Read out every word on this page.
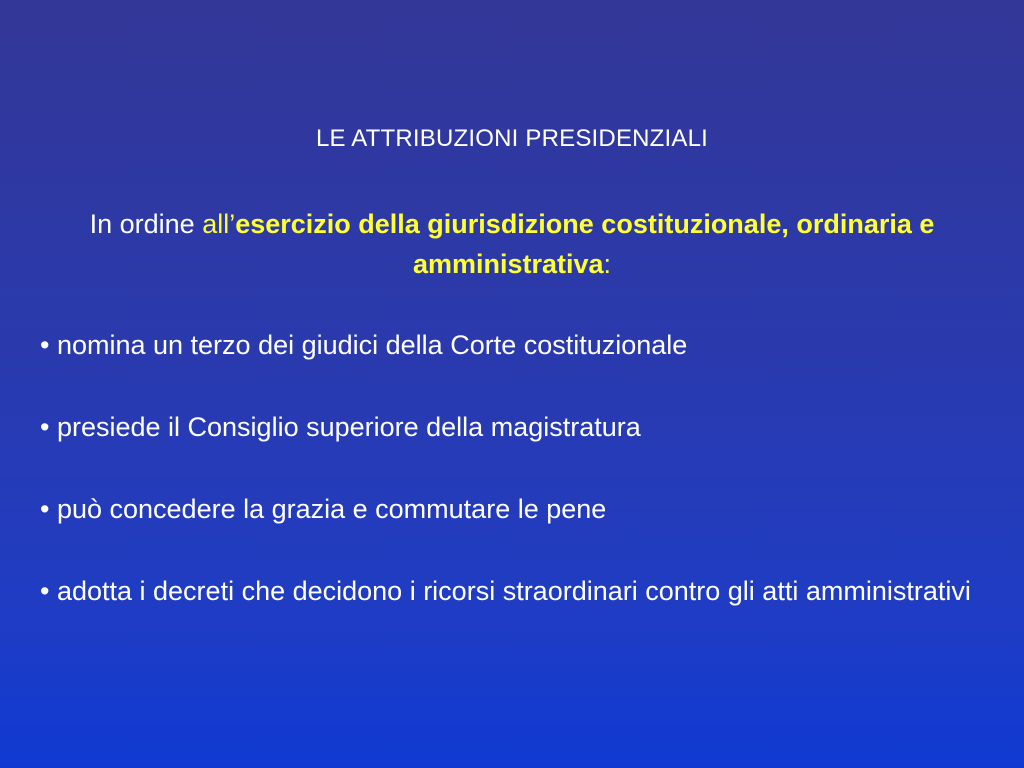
LE ATTRIBUZIONI PRESIDENZIALI
In ordine all’esercizio della giurisdizione costituzionale, ordinaria e amministrativa:
• nomina un terzo dei giudici della Corte costituzionale
• presiede il Consiglio superiore della magistratura
• può concedere la grazia e commutare le pene
• adotta i decreti che decidono i ricorsi straordinari contro gli atti amministrativi
